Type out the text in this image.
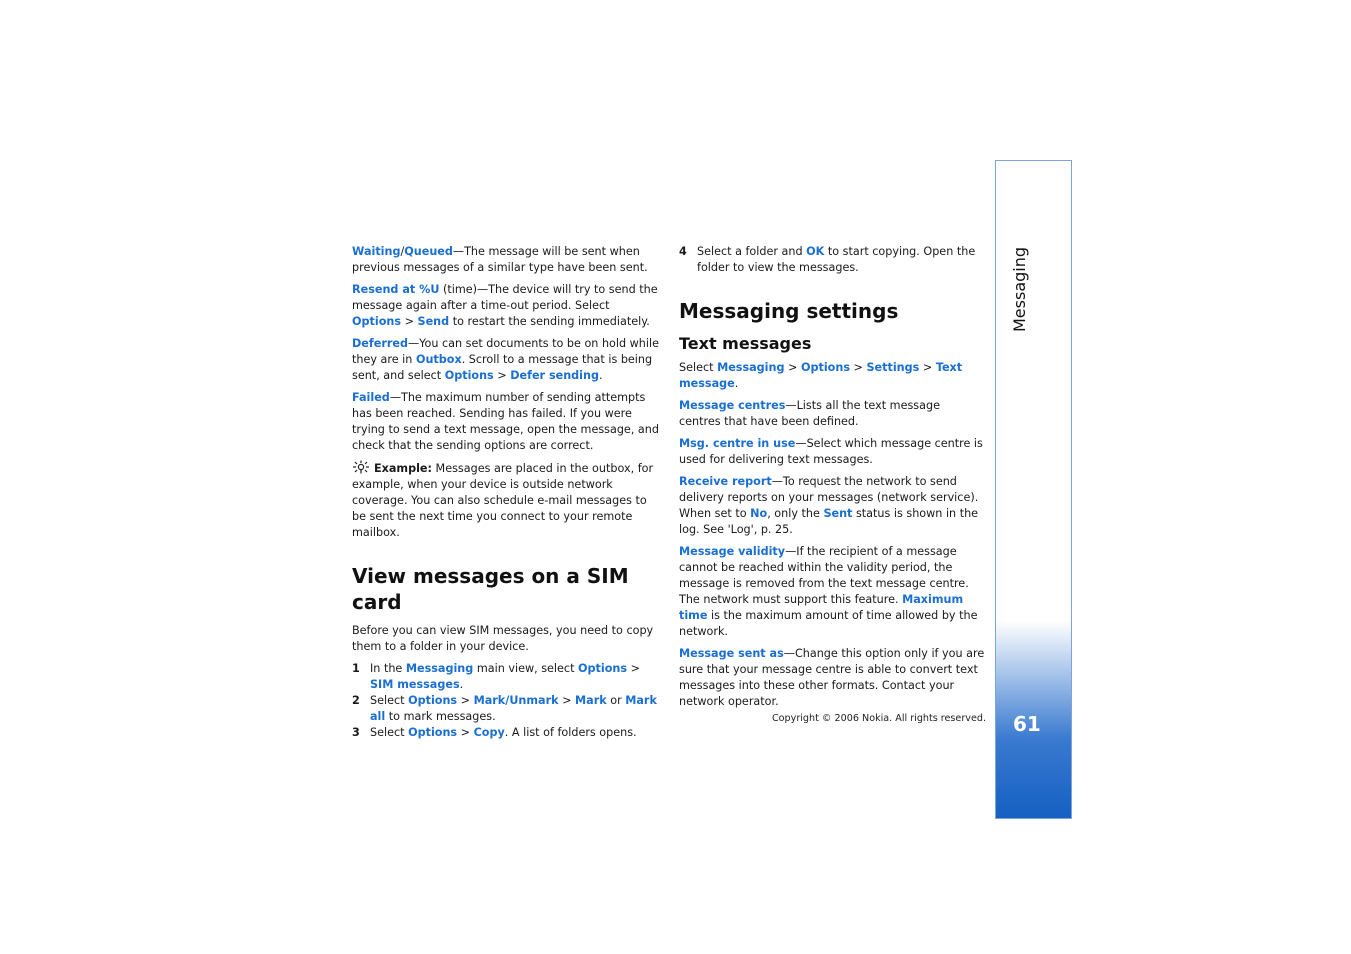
Waiting/Queued—The message will be sent when previous messages of a similar type have been sent.

Resend at %U (time)—The device will try to send the message again after a time-out period. Select Options > Send to restart the sending immediately.

Deferred—You can set documents to be on hold while they are in Outbox. Scroll to a message that is being sent, and select Options > Defer sending.

Failed—The maximum number of sending attempts has been reached. Sending has failed. If you were trying to send a text message, open the message, and check that the sending options are correct.

Example: Messages are placed in the outbox, for example, when your device is outside network coverage. You can also schedule e-mail messages to be sent the next time you connect to your remote mailbox.

View messages on a SIM card

Before you can view SIM messages, you need to copy them to a folder in your device.

1 In the Messaging main view, select Options > SIM messages.
2 Select Options > Mark/Unmark > Mark or Mark all to mark messages.
3 Select Options > Copy. A list of folders opens.
4 Select a folder and OK to start copying. Open the folder to view the messages.
Messaging settings
Text messages

Select Messaging > Options > Settings > Text message.

Message centres—Lists all the text message centres that have been defined.

Msg. centre in use—Select which message centre is used for delivering text messages.

Receive report—To request the network to send delivery reports on your messages (network service). When set to No, only the Sent status is shown in the log. See 'Log', p. 25.

Message validity—If the recipient of a message cannot be reached within the validity period, the message is removed from the text message centre. The network must support this feature. Maximum time is the maximum amount of time allowed by the network.

Message sent as—Change this option only if you are sure that your message centre is able to convert text messages into these other formats. Contact your network operator.

Copyright © 2006 Nokia. All rights reserved.
Messaging
61
